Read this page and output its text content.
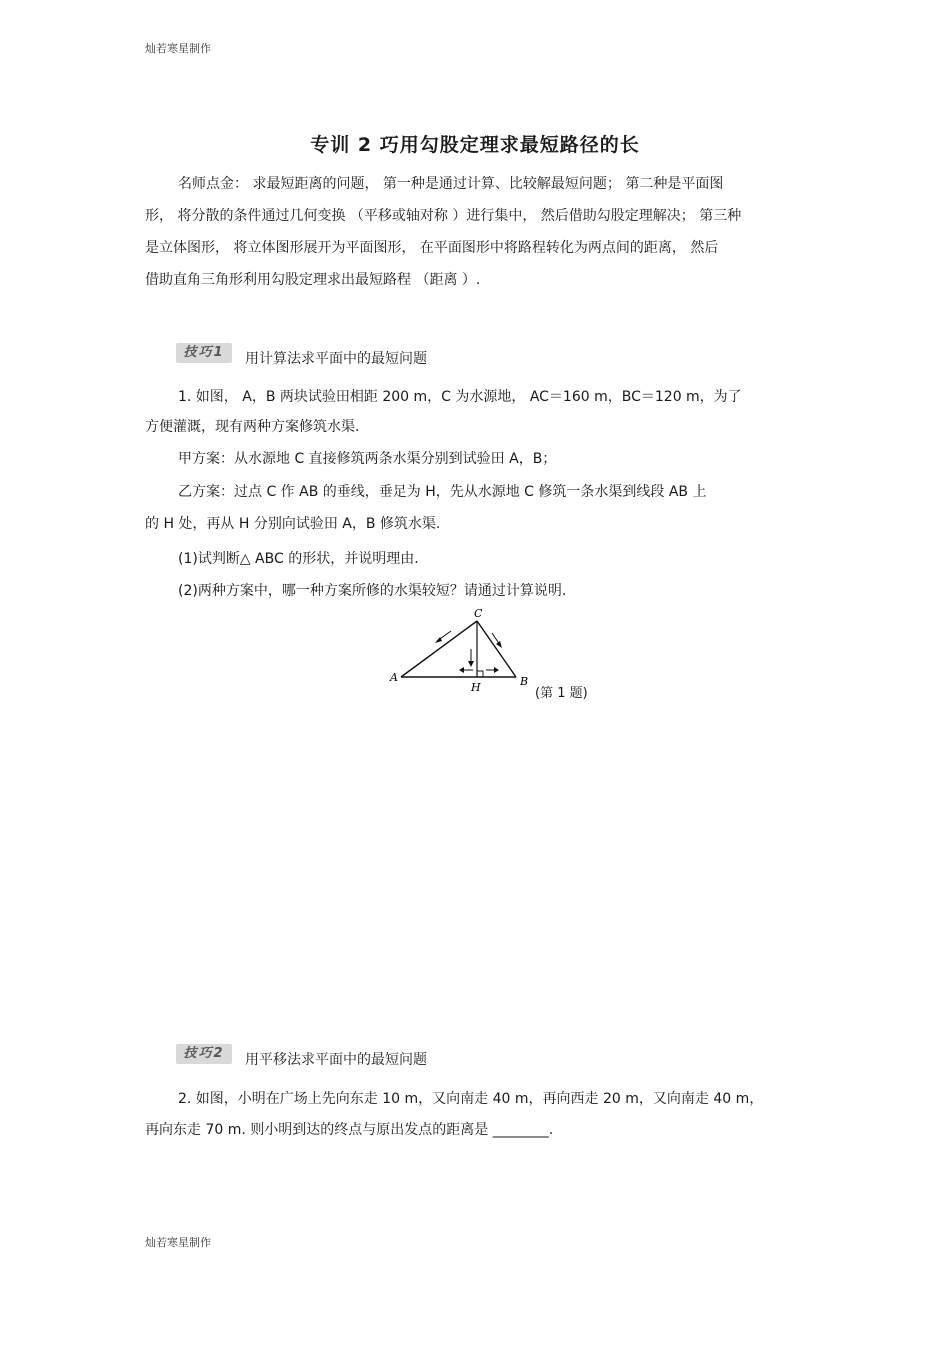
灿若寒星制作
专训 2 巧用勾股定理求最短路径的长
名师点金： 求最短距离的问题， 第一种是通过计算、比较解最短问题； 第二种是平面图
形， 将分散的条件通过几何变换 （平移或轴对称 ）进行集中， 然后借助勾股定理解决； 第三种
是立体图形， 将立体图形展开为平面图形， 在平面图形中将路程转化为两点间的距离， 然后
借助直角三角形利用勾股定理求出最短路程 （距离 ）.
技巧1	用计算法求平面中的最短问题
1. 如图， A，B 两块试验田相距 200 m，C 为水源地， AC＝160 m，BC＝120 m，为了
方便灌溉，现有两种方案修筑水渠.
甲方案：从水源地 C 直接修筑两条水渠分别到试验田 A，B；
乙方案：过点 C 作 AB 的垂线，垂足为 H，先从水源地 C 修筑一条水渠到线段 AB 上
的 H 处，再从 H 分别向试验田 A，B 修筑水渠.
(1)试判断△ ABC 的形状，并说明理由.
(2)两种方案中，哪一种方案所修的水渠较短？请通过计算说明.
A	B
C
H	(第 1 题)
技巧2	用平移法求平面中的最短问题
2. 如图，小明在广场上先向东走 10 m，又向南走 40 m，再向西走 20 m，又向南走 40 m，
再向东走 70 m. 则小明到达的终点与原出发点的距离是 ________.
灿若寒星制作
